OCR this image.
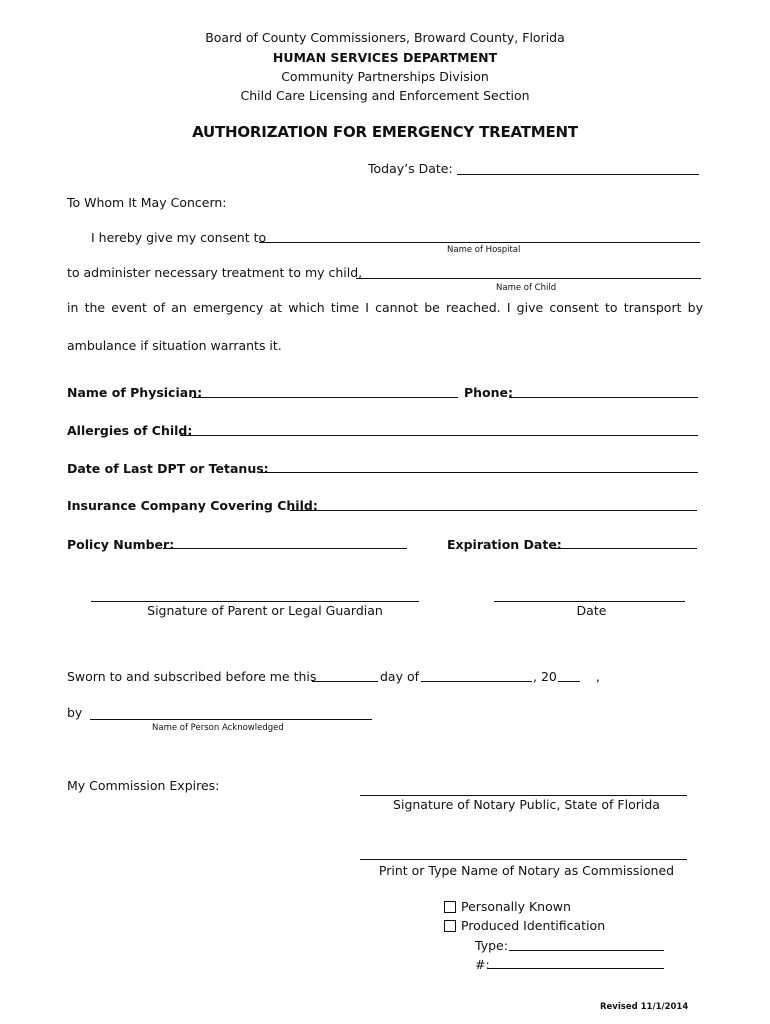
Board of County Commissioners, Broward County, Florida
HUMAN SERVICES DEPARTMENT
Community Partnerships Division
Child Care Licensing and Enforcement Section
AUTHORIZATION FOR EMERGENCY TREATMENT
Today’s Date:
To Whom It May Concern:
I hereby give my consent to
Name of Hospital
to administer necessary treatment to my child,
Name of Child
in the event of an emergency at which time I cannot be reached. I give consent to transport by
ambulance if situation warrants it.
Name of Physician:	Phone:
Allergies of Child:
Date of Last DPT or Tetanus:
Insurance Company Covering Child:
Policy Number:	Expiration Date:
Signature of Parent or Legal Guardian	Date
Sworn to and subscribed before me this	day of	, 20	,
by
Name of Person Acknowledged
My Commission Expires:
Signature of Notary Public, State of Florida
Print or Type Name of Notary as Commissioned
Personally Known
Produced Identification
Type:
#:
Revised 11/1/2014
